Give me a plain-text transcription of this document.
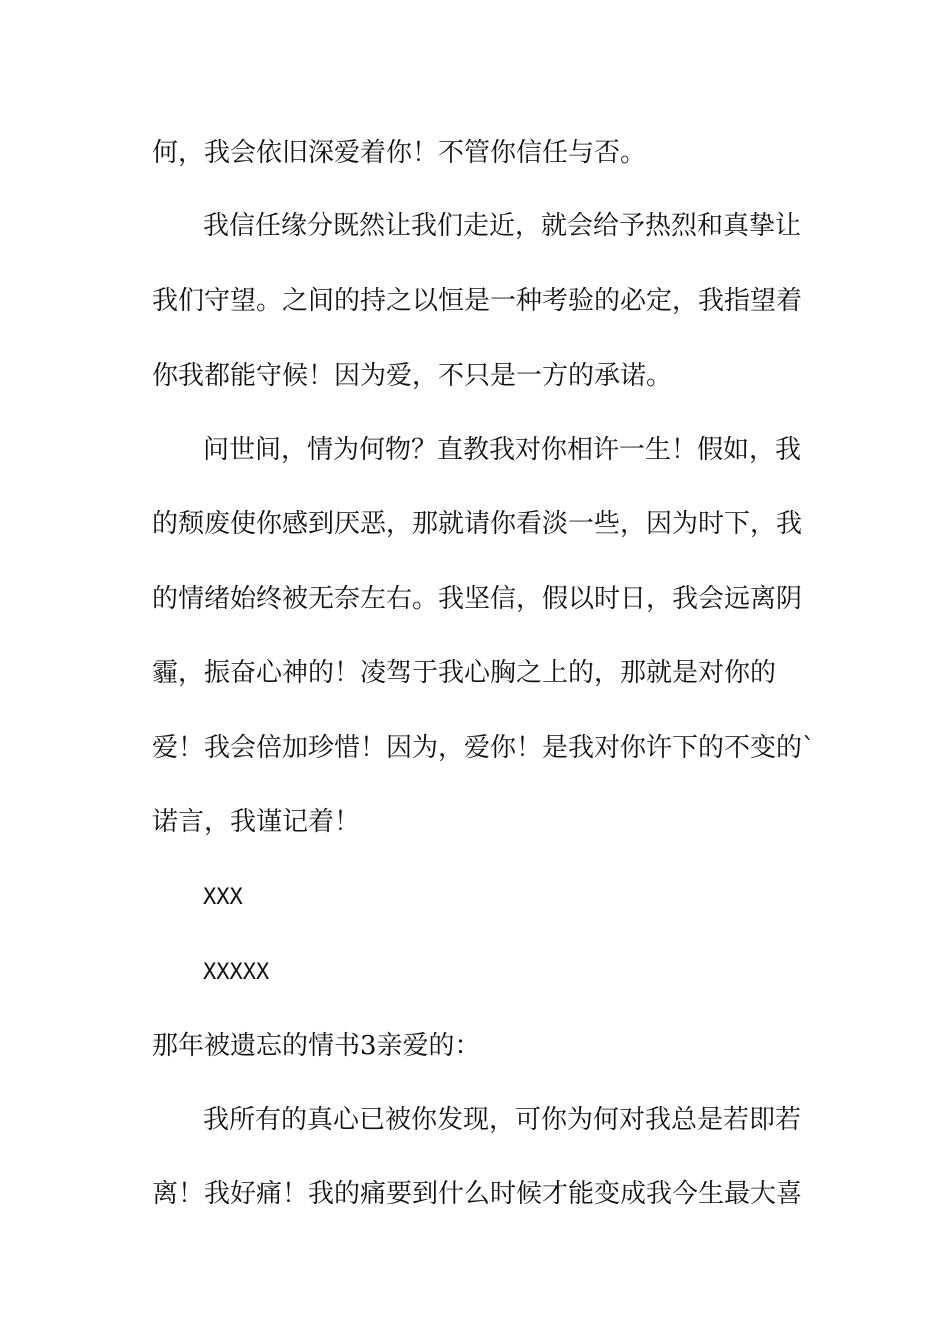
何，我会依旧深爱着你！不管你信任与否。
我信任缘分既然让我们走近，就会给予热烈和真挚让
我们守望。之间的持之以恒是一种考验的必定，我指望着
你我都能守候！因为爱，不只是一方的承诺。
问世间，情为何物？直教我对你相许一生！假如，我
的颓废使你感到厌恶，那就请你看淡一些，因为时下，我
的情绪始终被无奈左右。我坚信，假以时日，我会远离阴
霾，振奋心神的！凌驾于我心胸之上的，那就是对你的
爱！我会倍加珍惜！因为，爱你！是我对你许下的不变的`
诺言，我谨记着！
XXX
XXXXX
那年被遗忘的情书3亲爱的：
我所有的真心已被你发现，可你为何对我总是若即若
离！我好痛！我的痛要到什么时候才能变成我今生最大喜
